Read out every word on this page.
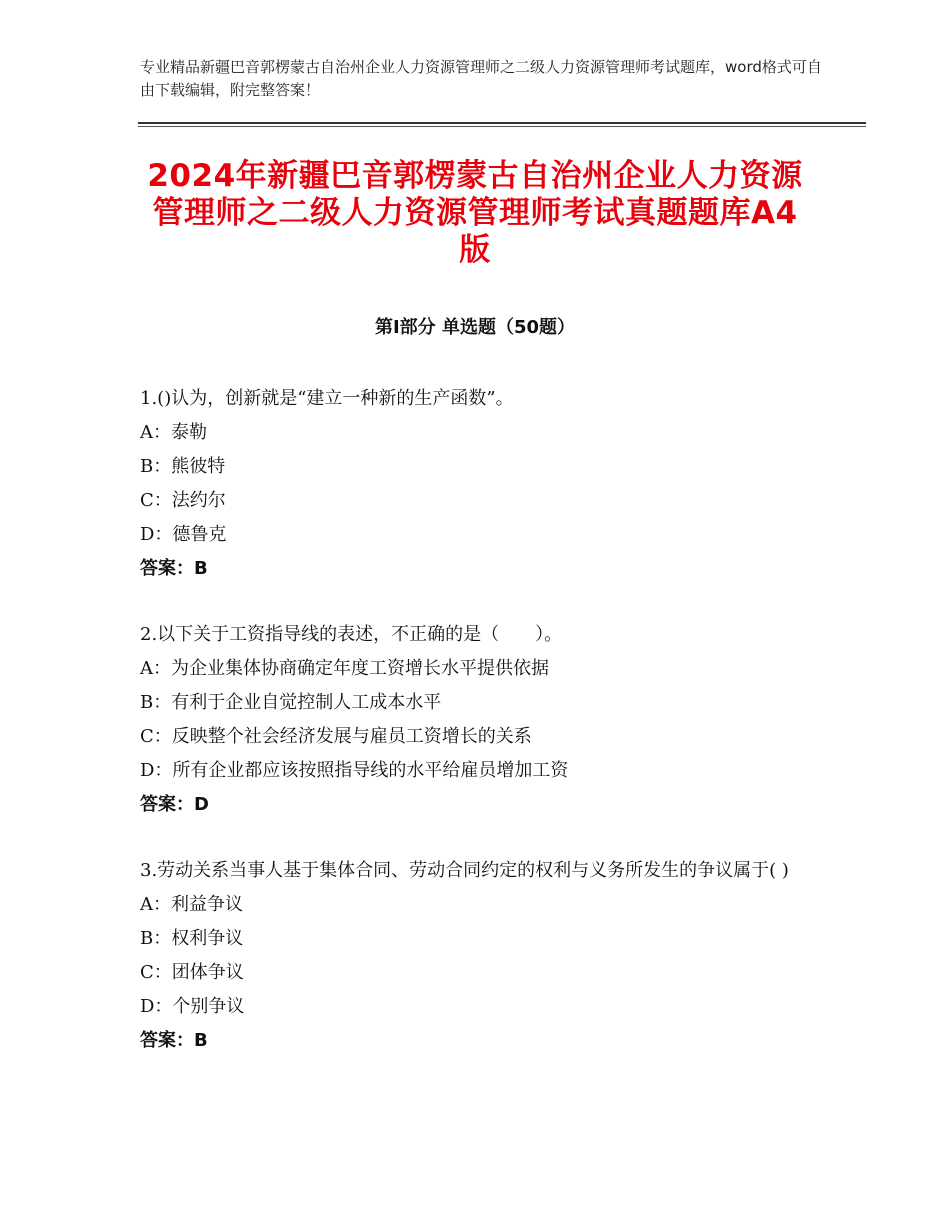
专业精品新疆巴音郭楞蒙古自治州企业人力资源管理师之二级人力资源管理师考试题库，word格式可自由下载编辑，附完整答案！

2024年新疆巴音郭楞蒙古自治州企业人力资源管理师之二级人力资源管理师考试真题题库A4版
第Ⅰ部分 单选题（50题）

1.()认为，创新就是“建立一种新的生产函数”。

A：泰勒

B：熊彼特

C：法约尔

D：德鲁克

答案：B

2.以下关于工资指导线的表述，不正确的是（　　）。

A：为企业集体协商确定年度工资增长水平提供依据

B：有利于企业自觉控制人工成本水平

C：反映整个社会经济发展与雇员工资增长的关系

D：所有企业都应该按照指导线的水平给雇员增加工资

答案：D

3.劳动关系当事人基于集体合同、劳动合同约定的权利与义务所发生的争议属于( )

A：利益争议

B：权利争议

C：团体争议

D：个别争议

答案：B
